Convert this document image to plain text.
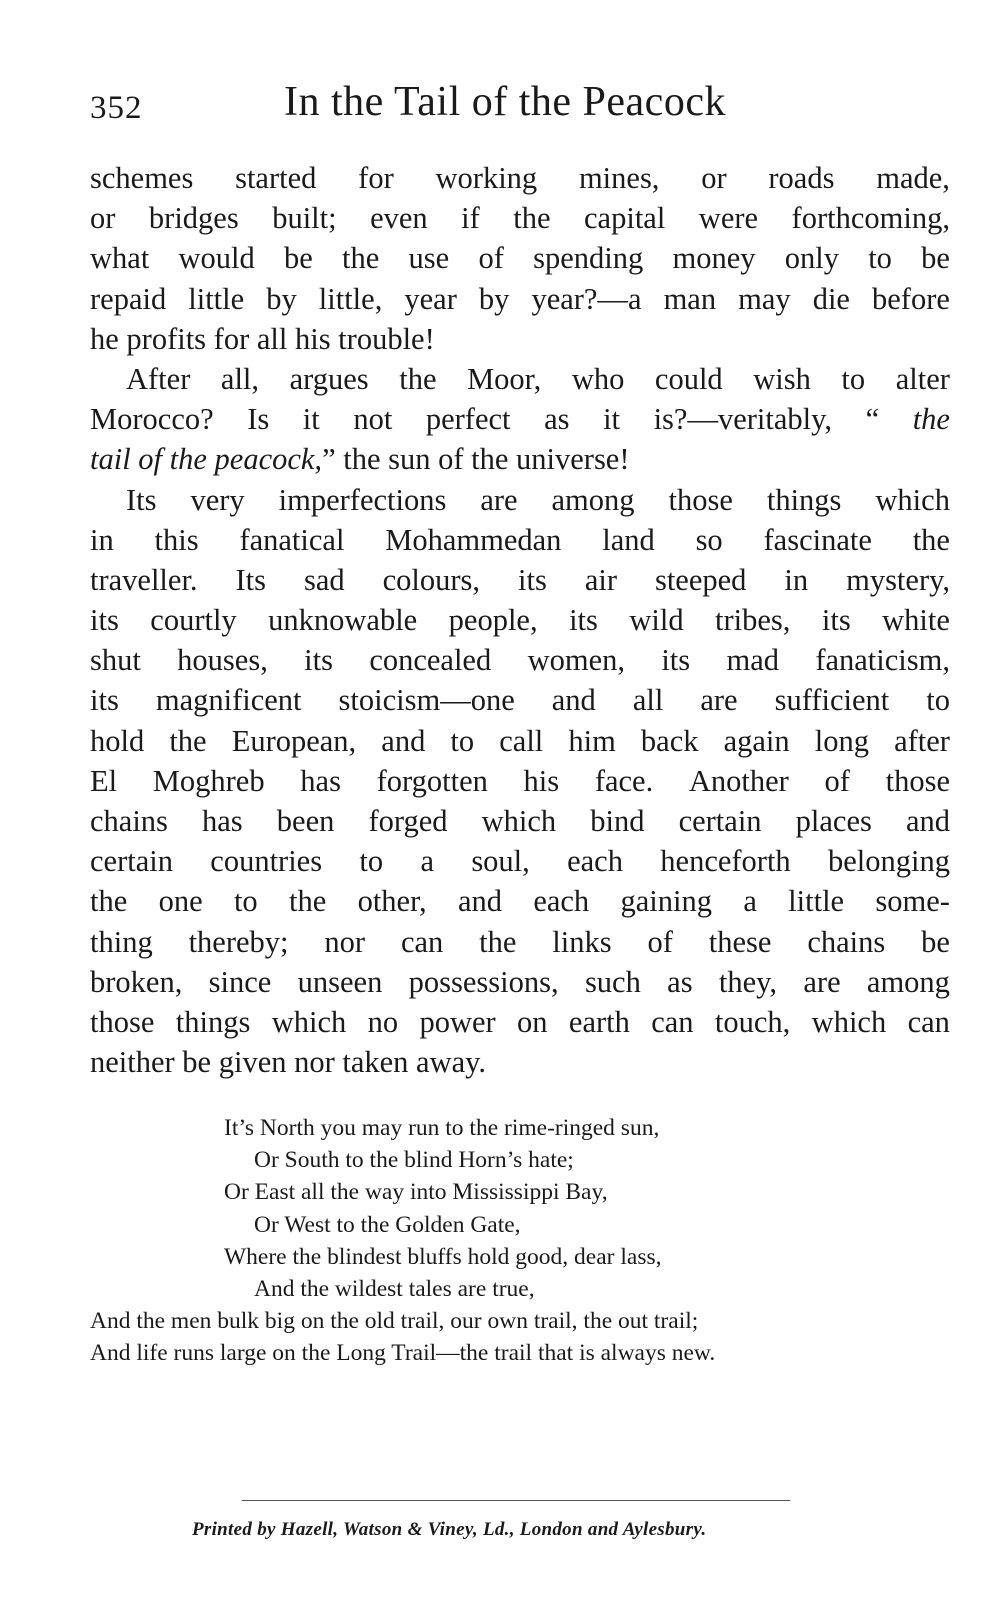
352	In the Tail of the Peacock
schemes started for working mines, or roads made,
or bridges built; even if the capital were forthcoming,
what would be the use of spending money only to be
repaid little by little, year by year?—a man may die before
he profits for all his trouble!
After all, argues the Moor, who could wish to alter
Morocco? Is it not perfect as it is?—veritably, “ the
tail of the peacock, ” the sun of the universe!
Its very imperfections are among those things which
in this fanatical Mohammedan land so fascinate the
traveller. Its sad colours, its air steeped in mystery,
its courtly unknowable people, its wild tribes, its white
shut houses, its concealed women, its mad fanaticism,
its magnificent stoicism—one and all are sufficient to
hold the European, and to call him back again long after
El Moghreb has forgotten his face. Another of those
chains has been forged which bind certain places and
certain countries to a soul, each henceforth belonging
the one to the other, and each gaining a little some-
thing thereby; nor can the links of these chains be
broken, since unseen possessions, such as they, are among
those things which no power on earth can touch, which can
neither be given nor taken away.
It’s North you may run to the rime-ringed sun,
Or South to the blind Horn’s hate;
Or East all the way into Mississippi Bay,
Or West to the Golden Gate,
Where the blindest bluffs hold good, dear lass,
And the wildest tales are true,
And the men bulk big on the old trail, our own trail, the out trail;
And life runs large on the Long Trail—the trail that is always new.
Printed by Hazell, Watson & Viney, Ld., London and Aylesbury.
